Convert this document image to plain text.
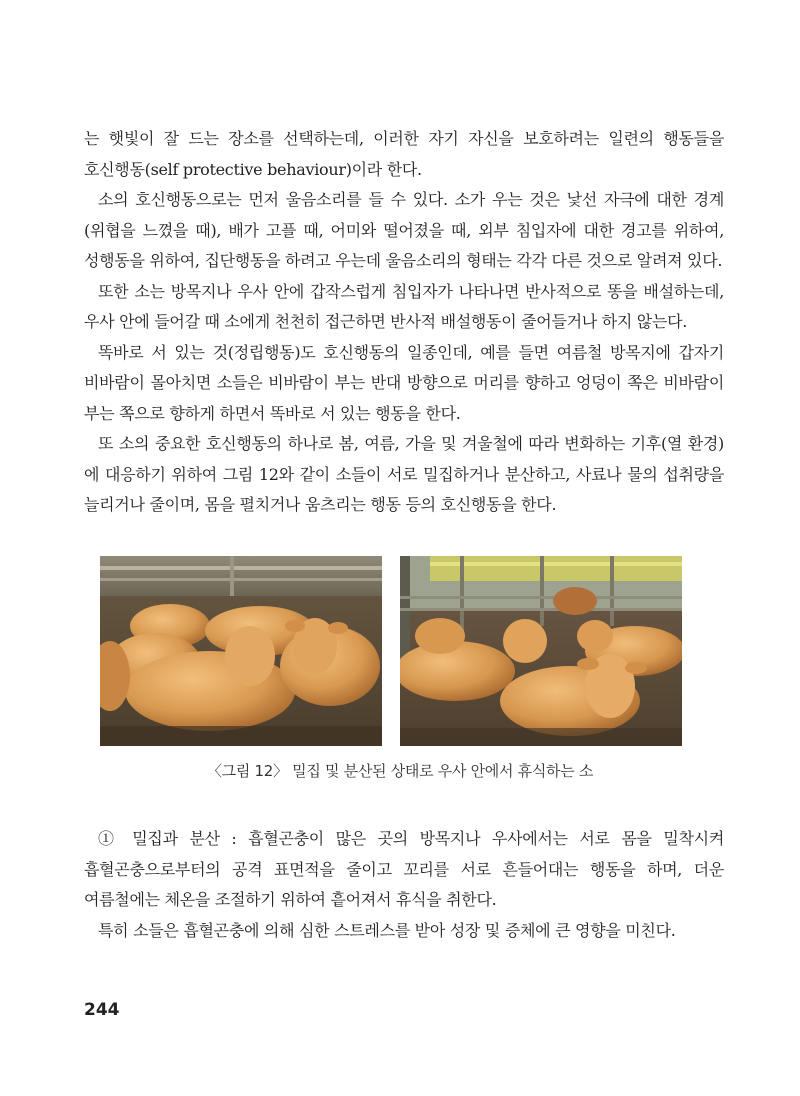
는 햇빛이 잘 드는 장소를 선택하는데, 이러한 자기 자신을 보호하려는 일련의 행동들을 호신행동(self protective behaviour)이라 한다.

소의 호신행동으로는 먼저 울음소리를 들 수 있다. 소가 우는 것은 낯선 자극에 대한 경계(위협을 느꼈을 때), 배가 고플 때, 어미와 떨어졌을 때, 외부 침입자에 대한 경고를 위하여, 성행동을 위하여, 집단행동을 하려고 우는데 울음소리의 형태는 각각 다른 것으로 알려져 있다.

또한 소는 방목지나 우사 안에 갑작스럽게 침입자가 나타나면 반사적으로 똥을 배설하는데, 우사 안에 들어갈 때 소에게 천천히 접근하면 반사적 배설행동이 줄어들거나 하지 않는다.

똑바로 서 있는 것(정립행동)도 호신행동의 일종인데, 예를 들면 여름철 방목지에 갑자기 비바람이 몰아치면 소들은 비바람이 부는 반대 방향으로 머리를 향하고 엉덩이 쪽은 비바람이 부는 쪽으로 향하게 하면서 똑바로 서 있는 행동을 한다.

또 소의 중요한 호신행동의 하나로 봄, 여름, 가을 및 겨울철에 따라 변화하는 기후(열 환경)에 대응하기 위하여 그림 12와 같이 소들이 서로 밀집하거나 분산하고, 사료나 물의 섭취량을 늘리거나 줄이며, 몸을 펼치거나 움츠리는 행동 등의 호신행동을 한다.

〈그림 12〉 밀집 및 분산된 상태로 우사 안에서 휴식하는 소

① 밀집과 분산 : 흡혈곤충이 많은 곳의 방목지나 우사에서는 서로 몸을 밀착시켜 흡혈곤충으로부터의 공격 표면적을 줄이고 꼬리를 서로 흔들어대는 행동을 하며, 더운 여름철에는 체온을 조절하기 위하여 흩어져서 휴식을 취한다.

특히 소들은 흡혈곤충에 의해 심한 스트레스를 받아 성장 및 증체에 큰 영향을 미친다.

244
